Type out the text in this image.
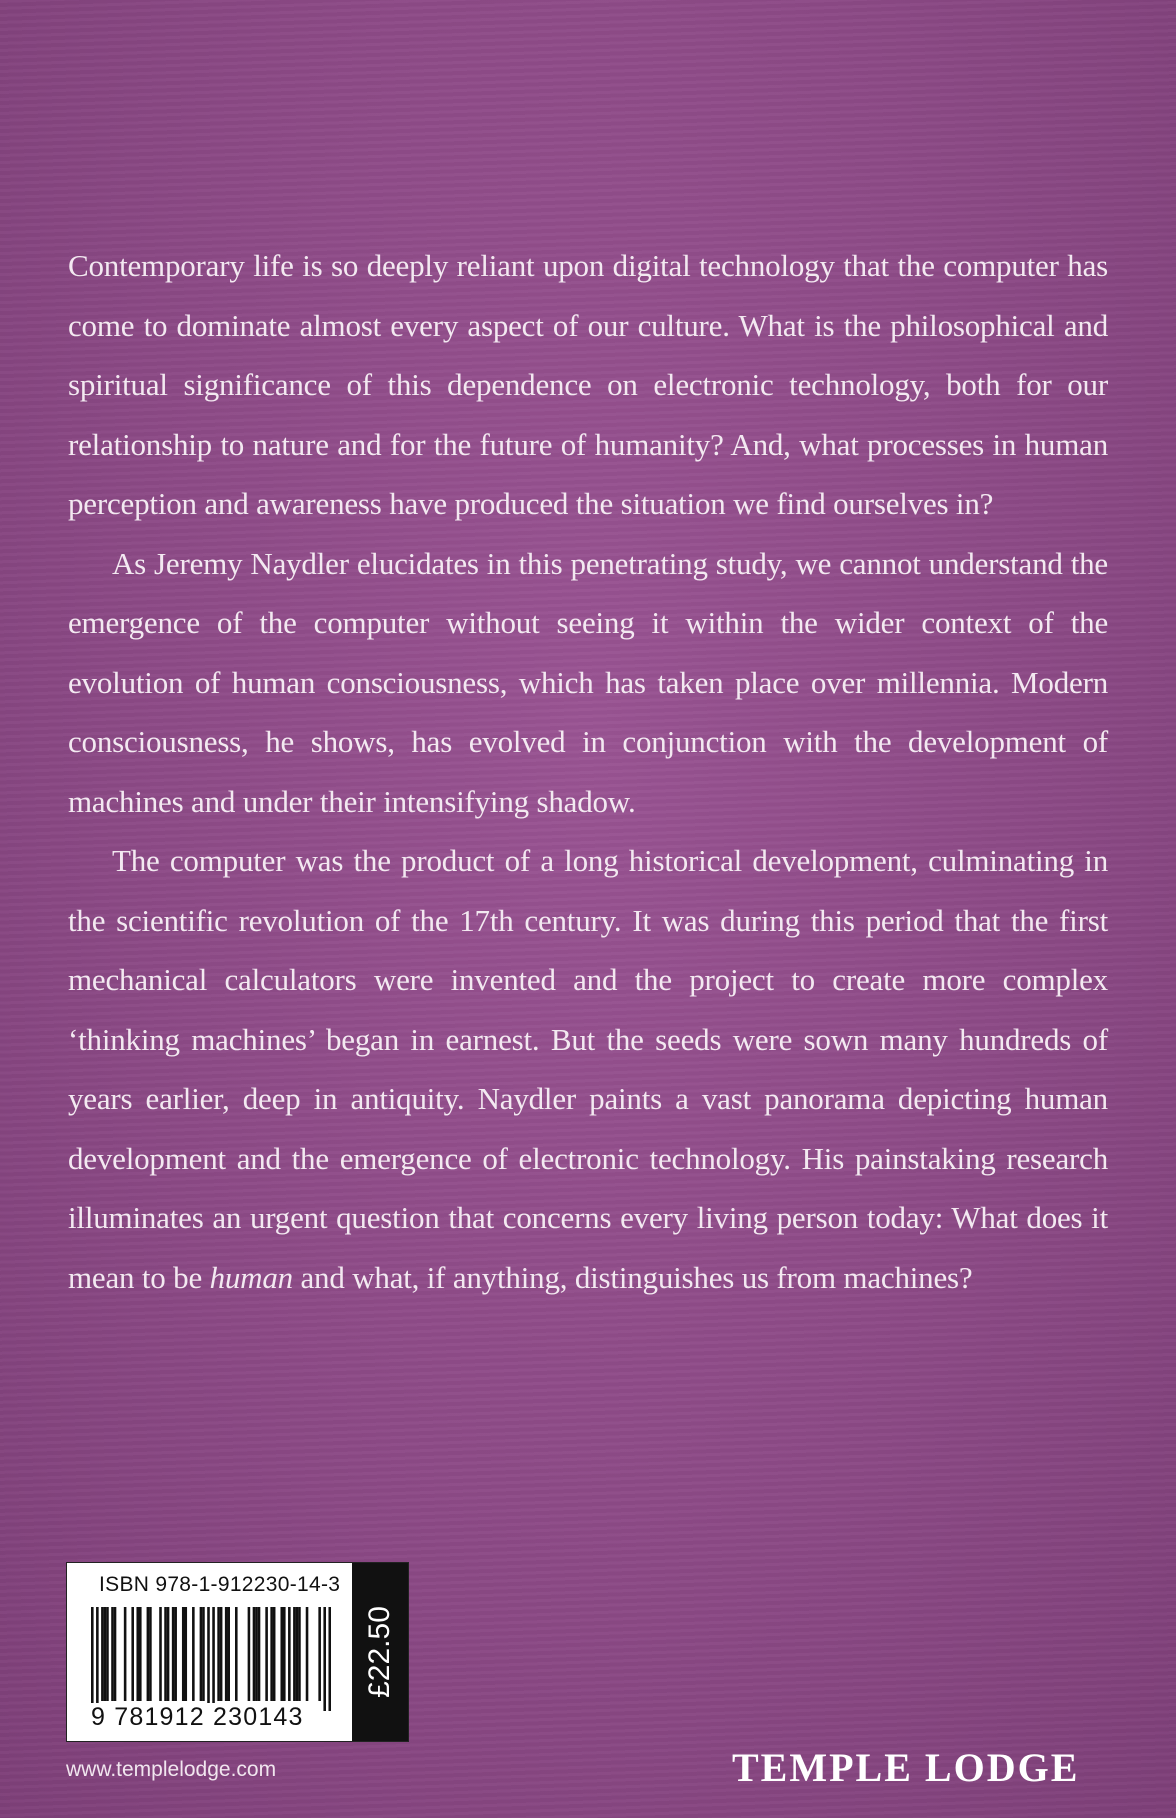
Contemporary life is so deeply reliant upon digital technology that the computer has come to dominate almost every aspect of our culture. What is the philosophical and spiritual significance of this dependence on electronic technology, both for our relationship to nature and for the future of humanity? And, what processes in human perception and awareness have produced the situation we find ourselves in?

As Jeremy Naydler elucidates in this penetrating study, we cannot understand the emergence of the computer without seeing it within the wider context of the evolution of human consciousness, which has taken place over millennia. Modern consciousness, he shows, has evolved in conjunction with the development of machines and under their intensifying shadow.

The computer was the product of a long historical development, culminating in the scientific revolution of the 17th century. It was during this period that the first mechanical calculators were invented and the project to create more complex ‘thinking machines’ began in earnest. But the seeds were sown many hundreds of years earlier, deep in antiquity. Naydler paints a vast panorama depicting human development and the emergence of electronic technology. His painstaking research illuminates an urgent question that concerns every living person today: What does it mean to be human and what, if anything, distinguishes us from machines?

ISBN 978-1-912230-14-3
9 781912 230143
£22.50
www.templelodge.com	TEMPLE LODGE
